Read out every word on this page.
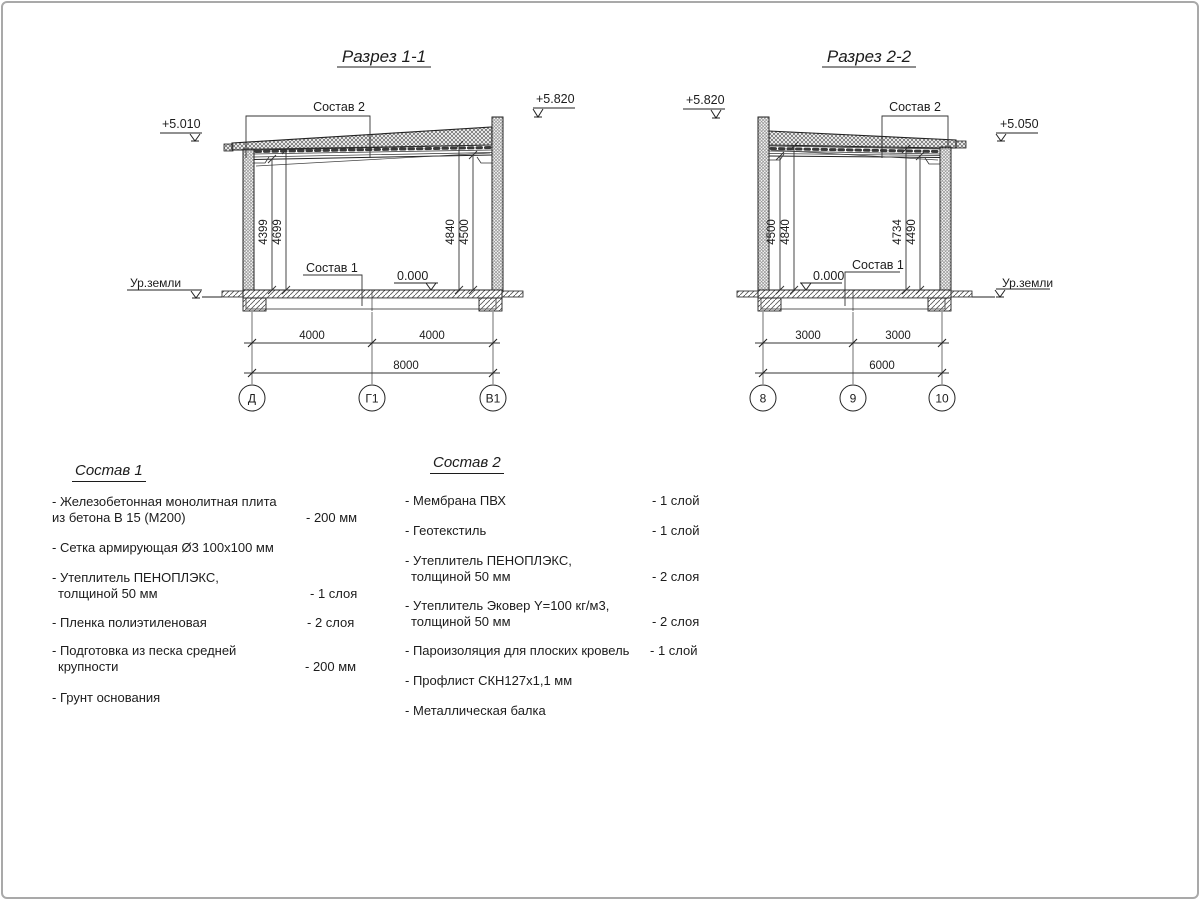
Разрез 1-1
+5.010
+5.820
0.000
Ур.земли
Состав 2
Состав 1
4399 4699	4840 4500
4000	4000
8000
Д	Г1	В1
Разрез 2-2
+5.820
+5.050
0.000	Ур.земли
Состав 2
Состав 1
4500 4840	4734 4490
3000	3000
6000
8	9	10
Состав 1
- Железобетонная монолитная плита
из бетона В 15 (М200)	- 200 мм
- Сетка армирующая Ø3 100х100 мм
- Утеплитель ПЕНОПЛЭКС,
толщиной 50 мм	- 1 слоя
- Пленка полиэтиленовая	- 2 слоя
- Подготовка из песка средней
крупности	- 200 мм
- Грунт основания
Состав 2
- Мембрана ПВХ	- 1 слой
- Геотекстиль	- 1 слой
- Утеплитель ПЕНОПЛЭКС,
толщиной 50 мм	- 2 слоя
- Утеплитель Эковер Y=100 кг/м3,
толщиной 50 мм	- 2 слоя
- Пароизоляция для плоских кровель	- 1 слой
- Профлист СКН127х1,1 мм
- Металлическая балка
